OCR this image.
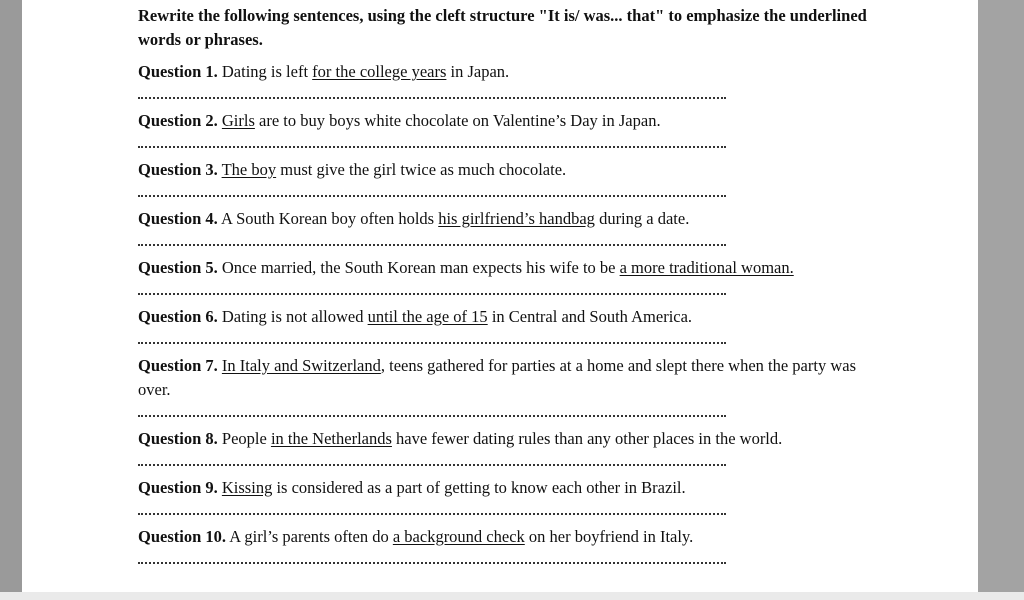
Rewrite the following sentences, using the cleft structure "It is/ was... that" to emphasize the underlined words or phrases.

Question 1. Dating is left for the college years in Japan.

Question 2. Girls are to buy boys white chocolate on Valentine’s Day in Japan.

Question 3. The boy must give the girl twice as much chocolate.

Question 4. A South Korean boy often holds his girlfriend’s handbag during a date.

Question 5. Once married, the South Korean man expects his wife to be a more traditional woman.

Question 6. Dating is not allowed until the age of 15 in Central and South America.

Question 7. In Italy and Switzerland, teens gathered for parties at a home and slept there when the party was over.

Question 8. People in the Netherlands have fewer dating rules than any other places in the world.

Question 9. Kissing is considered as a part of getting to know each other in Brazil.

Question 10. A girl’s parents often do a background check on her boyfriend in Italy.
